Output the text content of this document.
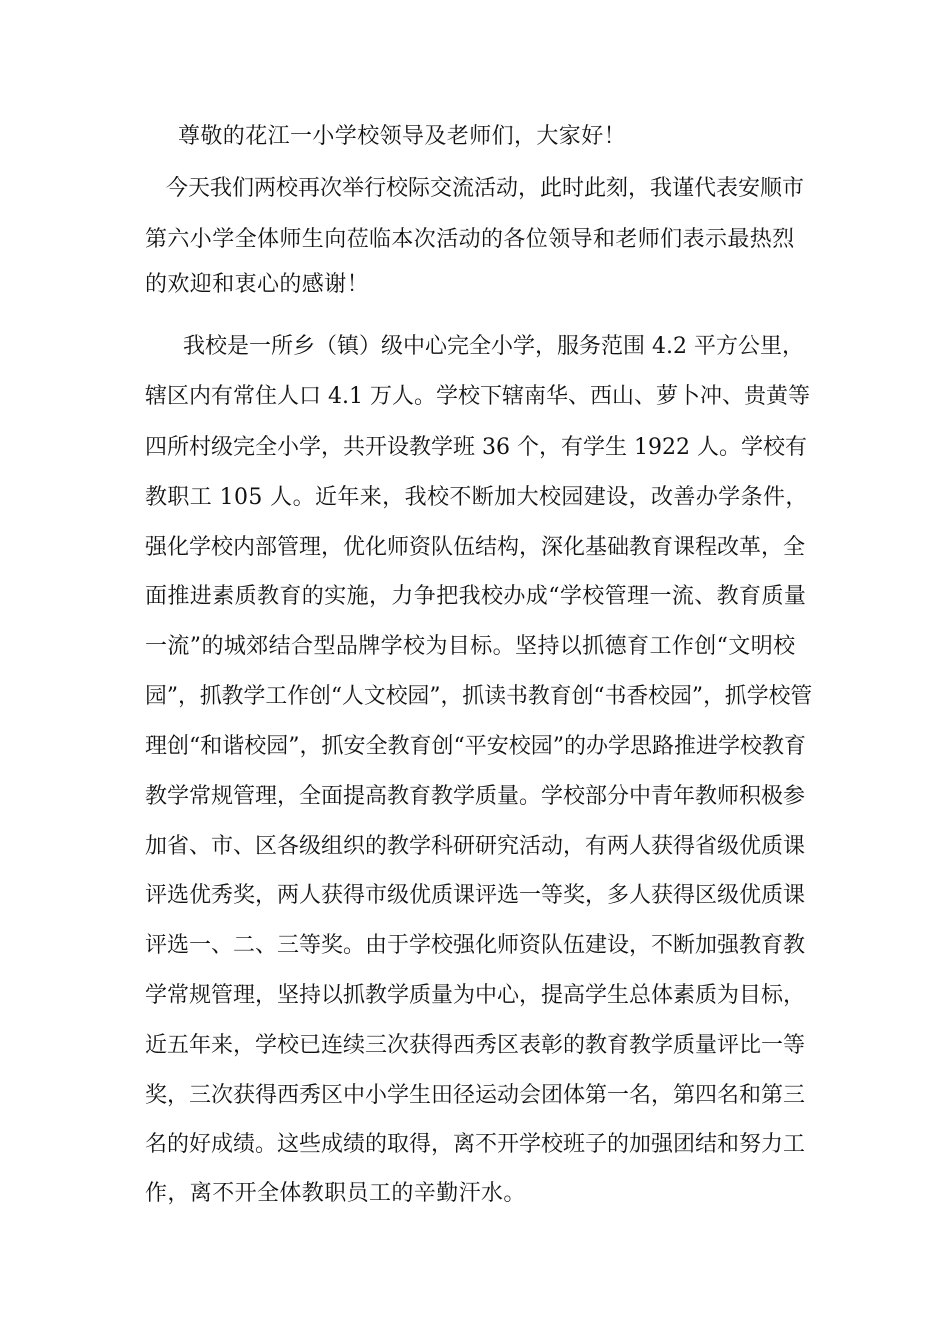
尊敬的花江一小学校领导及老师们，大家好！
今天我们两校再次举行校际交流活动，此时此刻，我谨代表安顺市
第六小学全体师生向莅临本次活动的各位领导和老师们表示最热烈
的欢迎和衷心的感谢！
我校是一所乡（镇）级中心完全小学，服务范围 4.2 平方公里，
辖区内有常住人口 4.1 万人。学校下辖南华、西山、萝卜冲、贵黄等
四所村级完全小学，共开设教学班 36 个，有学生 1922 人。学校有
教职工 105 人。近年来，我校不断加大校园建设，改善办学条件，
强化学校内部管理，优化师资队伍结构，深化基础教育课程改革，全
面推进素质教育的实施，力争把我校办成“学校管理一流、教育质量
一流”的城郊结合型品牌学校为目标。坚持以抓德育工作创“文明校
园”，抓教学工作创“人文校园”，抓读书教育创“书香校园”，抓学校管
理创“和谐校园”，抓安全教育创“平安校园”的办学思路推进学校教育
教学常规管理，全面提高教育教学质量。学校部分中青年教师积极参
加省、市、区各级组织的教学科研研究活动，有两人获得省级优质课
评选优秀奖，两人获得市级优质课评选一等奖，多人获得区级优质课
评选一、二、三等奖。由于学校强化师资队伍建设，不断加强教育教
学常规管理，坚持以抓教学质量为中心，提高学生总体素质为目标，
近五年来，学校已连续三次获得西秀区表彰的教育教学质量评比一等
奖，三次获得西秀区中小学生田径运动会团体第一名，第四名和第三
名的好成绩。这些成绩的取得，离不开学校班子的加强团结和努力工
作，离不开全体教职员工的辛勤汗水。
